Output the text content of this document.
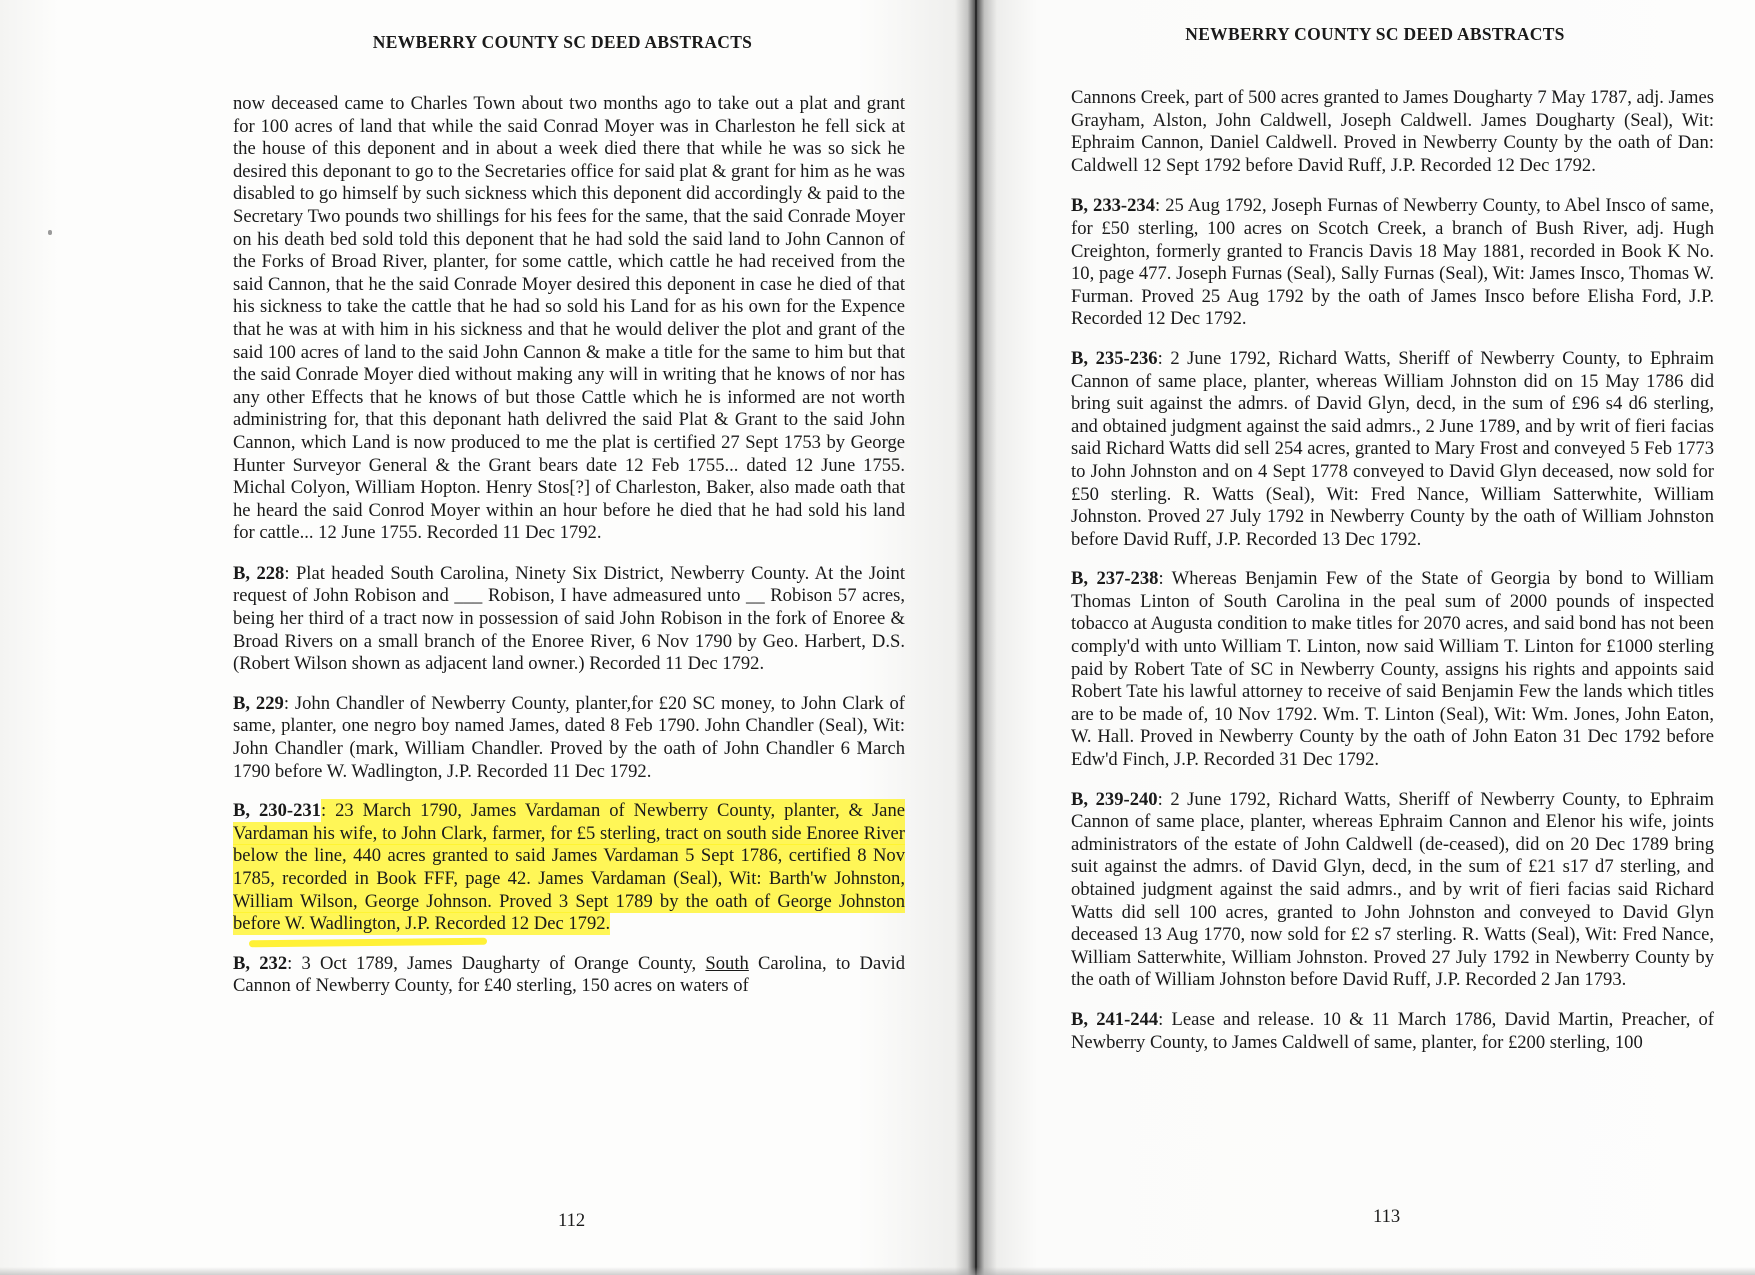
NEWBERRY COUNTY SC DEED ABSTRACTS

now deceased came to Charles Town about two months ago to take out a plat and grant for 100 acres of land that while the said Conrad Moyer was in Charleston he fell sick at the house of this deponent and in about a week died there that while he was so sick he desired this deponant to go to the Secretaries office for said plat & grant for him as he was disabled to go himself by such sickness which this deponent did accordingly & paid to the Secretary Two pounds two shillings for his fees for the same, that the said Conrade Moyer on his death bed sold told this deponent that he had sold the said land to John Cannon of the Forks of Broad River, planter, for some cattle, which cattle he had received from the said Cannon, that he the said Conrade Moyer desired this deponent in case he died of that his sickness to take the cattle that he had so sold his Land for as his own for the Expence that he was at with him in his sickness and that he would deliver the plot and grant of the said 100 acres of land to the said John Cannon & make a title for the same to him but that the said Conrade Moyer died without making any will in writing that he knows of nor has any other Effects that he knows of but those Cattle which he is informed are not worth administring for, that this deponant hath delivred the said Plat & Grant to the said John Cannon, which Land is now produced to me the plat is certified 27 Sept 1753 by George Hunter Surveyor General & the Grant bears date 12 Feb 1755... dated 12 June 1755. Michal Colyon, William Hopton. Henry Stos[?] of Charleston, Baker, also made oath that he heard the said Conrod Moyer within an hour before he died that he had sold his land for cattle... 12 June 1755. Recorded 11 Dec 1792.

B, 228: Plat headed South Carolina, Ninety Six District, Newberry County. At the Joint request of John Robison and ___ Robison, I have admeasured unto __ Robison 57 acres, being her third of a tract now in possession of said John Robison in the fork of Enoree & Broad Rivers on a small branch of the Enoree River, 6 Nov 1790 by Geo. Harbert, D.S. (Robert Wilson shown as adjacent land owner.) Recorded 11 Dec 1792.

B, 229: John Chandler of Newberry County, planter,for £20 SC money, to John Clark of same, planter, one negro boy named James, dated 8 Feb 1790. John Chandler (Seal), Wit: John Chandler (mark, William Chandler. Proved by the oath of John Chandler 6 March 1790 before W. Wadlington, J.P. Recorded 11 Dec 1792.

B, 230-231: 23 March 1790, James Vardaman of Newberry County, planter, & Jane Vardaman his wife, to John Clark, farmer, for £5 sterling, tract on south side Enoree River below the line, 440 acres granted to said James Vardaman 5 Sept 1786, certified 8 Nov 1785, recorded in Book FFF, page 42. James Vardaman (Seal), Wit: Barth'w Johnston, William Wilson, George Johnson. Proved 3 Sept 1789 by the oath of George Johnston before W. Wadlington, J.P. Recorded 12 Dec 1792.

B, 232: 3 Oct 1789, James Daugharty of Orange County, South Carolina, to David Cannon of Newberry County, for £40 sterling, 150 acres on waters of

112
NEWBERRY COUNTY SC DEED ABSTRACTS

Cannons Creek, part of 500 acres granted to James Dougharty 7 May 1787, adj. James Grayham, Alston, John Caldwell, Joseph Caldwell. James Dougharty (Seal), Wit: Ephraim Cannon, Daniel Caldwell. Proved in Newberry County by the oath of Dan: Caldwell 12 Sept 1792 before David Ruff, J.P. Recorded 12 Dec 1792.

B, 233-234: 25 Aug 1792, Joseph Furnas of Newberry County, to Abel Insco of same, for £50 sterling, 100 acres on Scotch Creek, a branch of Bush River, adj. Hugh Creighton, formerly granted to Francis Davis 18 May 1881, recorded in Book K No. 10, page 477. Joseph Furnas (Seal), Sally Furnas (Seal), Wit: James Insco, Thomas W. Furman. Proved 25 Aug 1792 by the oath of James Insco before Elisha Ford, J.P. Recorded 12 Dec 1792.

B, 235-236: 2 June 1792, Richard Watts, Sheriff of Newberry County, to Ephraim Cannon of same place, planter, whereas William Johnston did on 15 May 1786 did bring suit against the admrs. of David Glyn, decd, in the sum of £96 s4 d6 sterling, and obtained judgment against the said admrs., 2 June 1789, and by writ of fieri facias said Richard Watts did sell 254 acres, granted to Mary Frost and conveyed 5 Feb 1773 to John Johnston and on 4 Sept 1778 conveyed to David Glyn deceased, now sold for £50 sterling. R. Watts (Seal), Wit: Fred Nance, William Satterwhite, William Johnston. Proved 27 July 1792 in Newberry County by the oath of William Johnston before David Ruff, J.P. Recorded 13 Dec 1792.

B, 237-238: Whereas Benjamin Few of the State of Georgia by bond to William Thomas Linton of South Carolina in the peal sum of 2000 pounds of inspected tobacco at Augusta condition to make titles for 2070 acres, and said bond has not been comply'd with unto William T. Linton, now said William T. Linton for £1000 sterling paid by Robert Tate of SC in Newberry County, assigns his rights and appoints said Robert Tate his lawful attorney to receive of said Benjamin Few the lands which titles are to be made of, 10 Nov 1792. Wm. T. Linton (Seal), Wit: Wm. Jones, John Eaton, W. Hall. Proved in Newberry County by the oath of John Eaton 31 Dec 1792 before Edw'd Finch, J.P. Recorded 31 Dec 1792.

B, 239-240: 2 June 1792, Richard Watts, Sheriff of Newberry County, to Ephraim Cannon of same place, planter, whereas Ephraim Cannon and Elenor his wife, joints administrators of the estate of John Caldwell (de-ceased), did on 20 Dec 1789 bring suit against the admrs. of David Glyn, decd, in the sum of £21 s17 d7 sterling, and obtained judgment against the said admrs., and by writ of fieri facias said Richard Watts did sell 100 acres, granted to John Johnston and conveyed to David Glyn deceased 13 Aug 1770, now sold for £2 s7 sterling. R. Watts (Seal), Wit: Fred Nance, William Satterwhite, William Johnston. Proved 27 July 1792 in Newberry County by the oath of William Johnston before David Ruff, J.P. Recorded 2 Jan 1793.

B, 241-244: Lease and release. 10 & 11 March 1786, David Martin, Preacher, of Newberry County, to James Caldwell of same, planter, for £200 sterling, 100

113
